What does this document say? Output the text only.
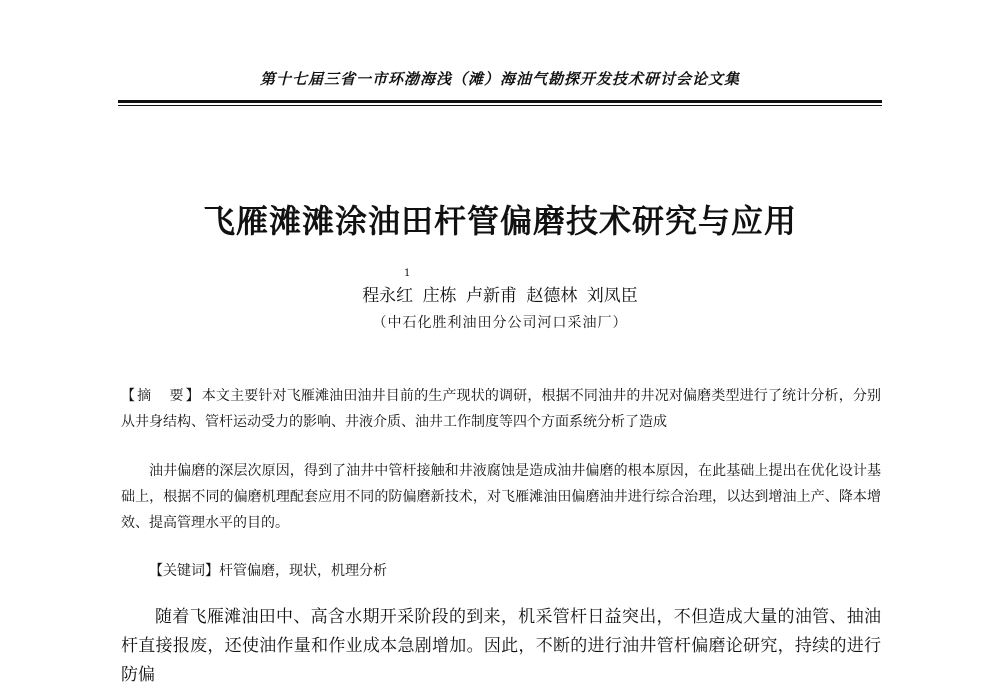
第十七届三省一市环渤海浅（滩）海油气勘探开发技术研讨会论文集
飞雁滩滩涂油田杆管偏磨技术研究与应用
1
程永红 庄栋 卢新甫 赵德林 刘凤臣
（中石化胜利油田分公司河口采油厂）
【摘　要】本文主要针对飞雁滩油田油井目前的生产现状的调研，根据不同油井的井况对偏磨类型进行了统计分析，分别从井身结构、管杆运动受力的影响、井液介质、油井工作制度等四个方面系统分析了造成
油井偏磨的深层次原因，得到了油井中管杆接触和井液腐蚀是造成油井偏磨的根本原因，在此基础上提出在优化设计基础上，根据不同的偏磨机理配套应用不同的防偏磨新技术，对飞雁滩油田偏磨油井进行综合治理，以达到增油上产、降本增效、提高管理水平的目的。
【关键词】杆管偏磨，现状，机理分析
随着飞雁滩油田中、高含水期开采阶段的到来，机采管杆日益突出，不但造成大量的油管、抽油杆直接报废，还使油作量和作业成本急剧增加。因此，不断的进行油井管杆偏磨论研究，持续的进行防偏
